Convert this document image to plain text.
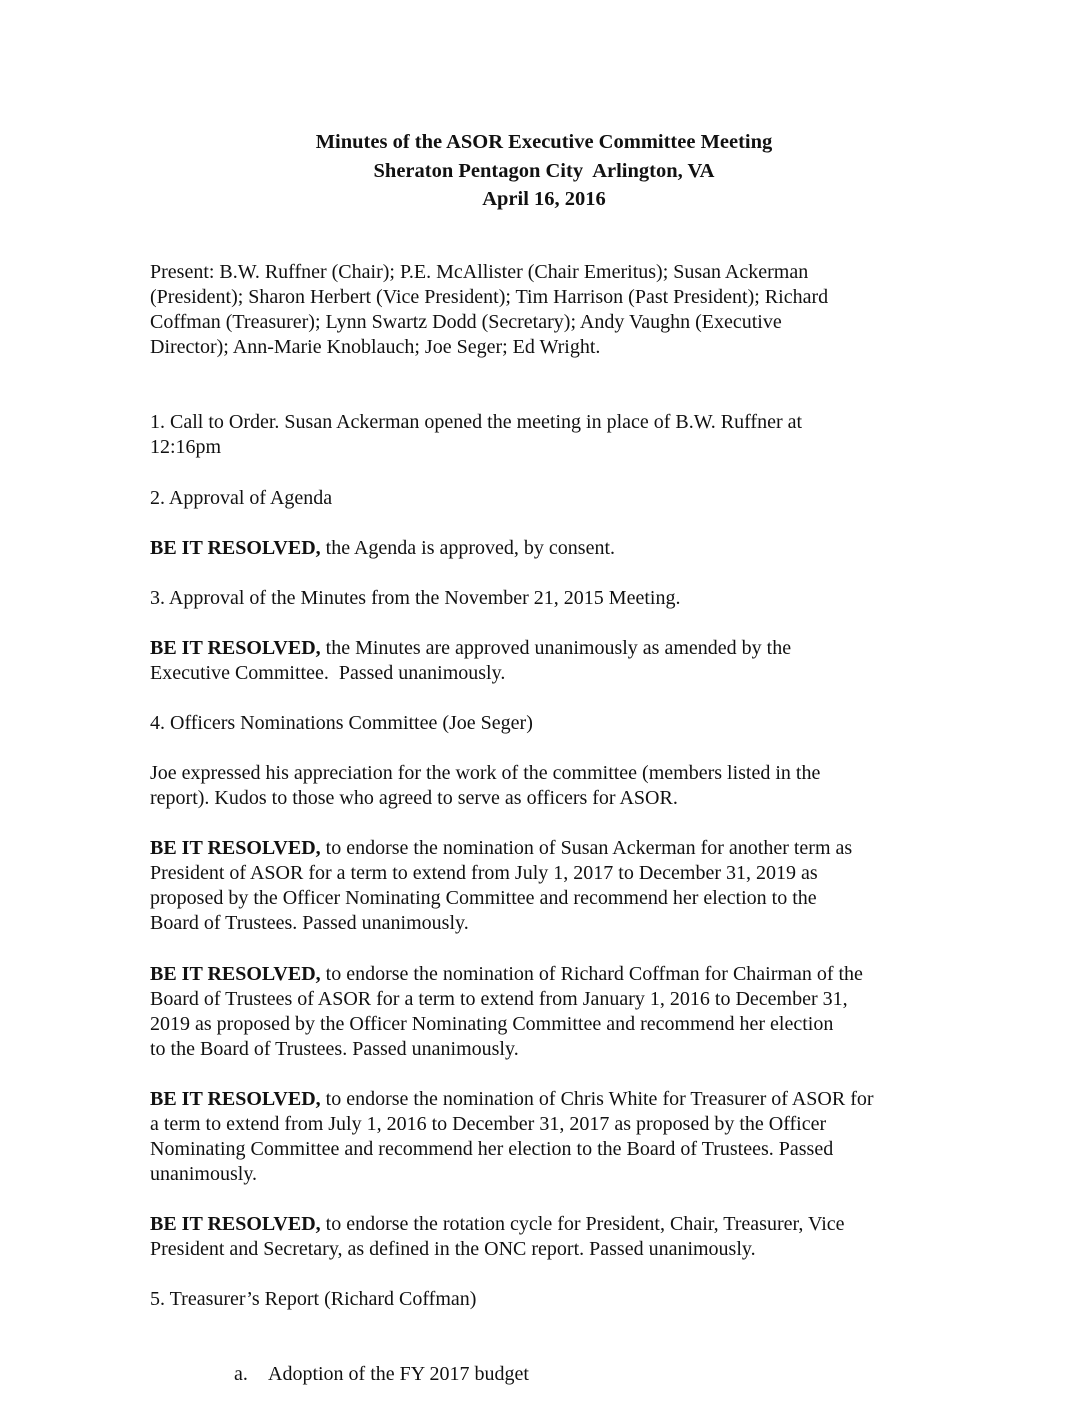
Minutes of the ASOR Executive Committee Meeting
Sheraton Pentagon City  Arlington, VA
April 16, 2016

Present: B.W. Ruffner (Chair); P.E. McAllister (Chair Emeritus); Susan Ackerman
(President); Sharon Herbert (Vice President); Tim Harrison (Past President); Richard
Coffman (Treasurer); Lynn Swartz Dodd (Secretary); Andy Vaughn (Executive
Director); Ann-Marie Knoblauch; Joe Seger; Ed Wright.

1. Call to Order. Susan Ackerman opened the meeting in place of B.W. Ruffner at
12:16pm

2. Approval of Agenda

BE IT RESOLVED, the Agenda is approved, by consent.

3. Approval of the Minutes from the November 21, 2015 Meeting.

BE IT RESOLVED, the Minutes are approved unanimously as amended by the
Executive Committee.  Passed unanimously.

4. Officers Nominations Committee (Joe Seger)

Joe expressed his appreciation for the work of the committee (members listed in the
report). Kudos to those who agreed to serve as officers for ASOR.

BE IT RESOLVED, to endorse the nomination of Susan Ackerman for another term as
President of ASOR for a term to extend from July 1, 2017 to December 31, 2019 as
proposed by the Officer Nominating Committee and recommend her election to the
Board of Trustees. Passed unanimously.

BE IT RESOLVED, to endorse the nomination of Richard Coffman for Chairman of the
Board of Trustees of ASOR for a term to extend from January 1, 2016 to December 31,
2019 as proposed by the Officer Nominating Committee and recommend her election
to the Board of Trustees. Passed unanimously.

BE IT RESOLVED, to endorse the nomination of Chris White for Treasurer of ASOR for
a term to extend from July 1, 2016 to December 31, 2017 as proposed by the Officer
Nominating Committee and recommend her election to the Board of Trustees. Passed
unanimously.

BE IT RESOLVED, to endorse the rotation cycle for President, Chair, Treasurer, Vice
President and Secretary, as defined in the ONC report. Passed unanimously.

5. Treasurer’s Report (Richard Coffman)

a. Adoption of the FY 2017 budget
